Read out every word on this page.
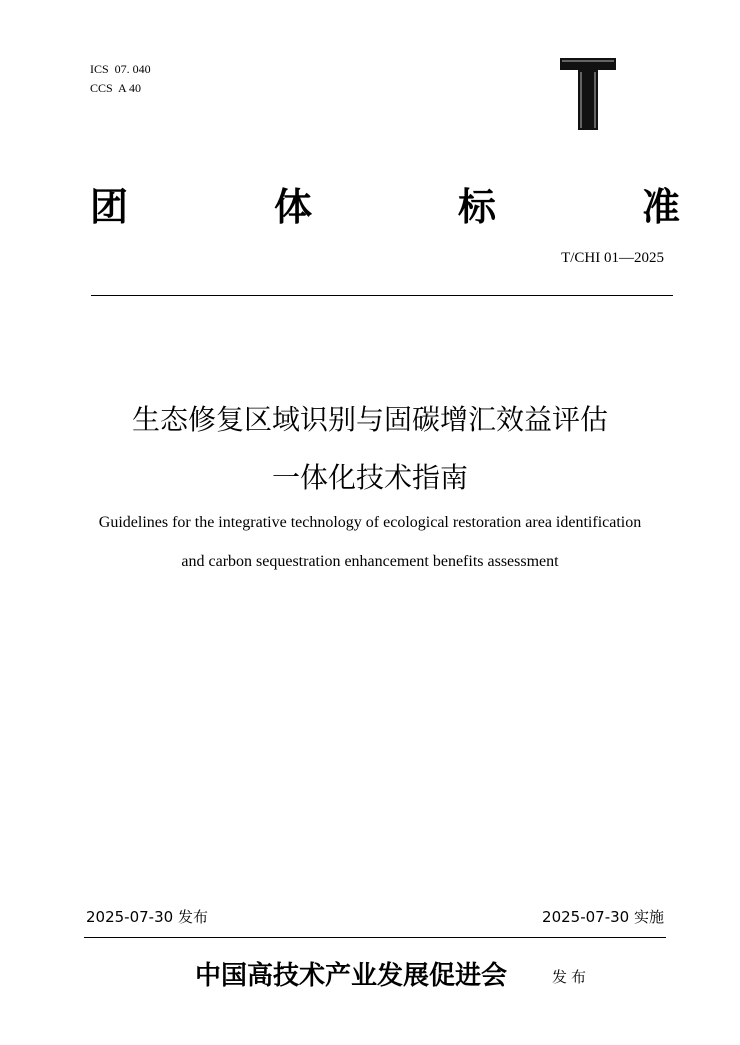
ICS  07. 040
CCS  A 40
团	体	标	准
T/CHI 01—2025
生态修复区域识别与固碳增汇效益评估
一体化技术指南
Guidelines for the integrative technology of ecological restoration area identification
and carbon sequestration enhancement benefits assessment
2025-07-30 发布	2025-07-30 实施
中国高技术产业发展促进会	发布
